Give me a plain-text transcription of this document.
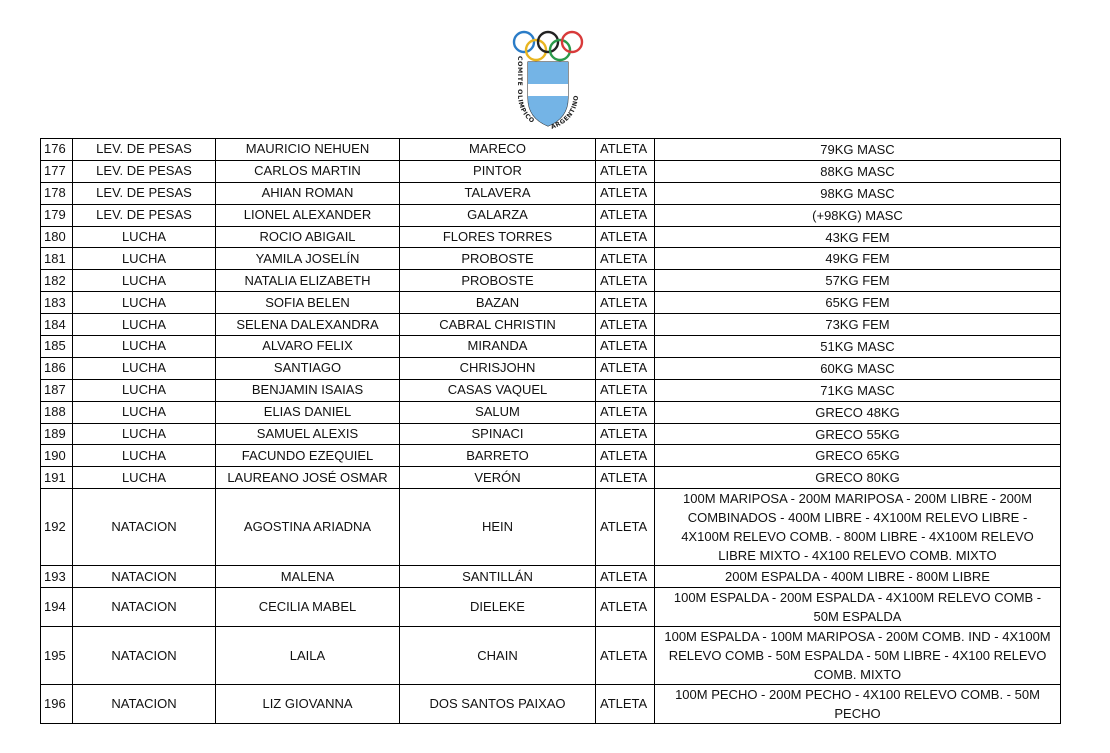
COMITE OLIMPICO
ARGENTINO
176	LEV. DE PESAS	MAURICIO NEHUEN	MARECO	ATLETA	79KG MASC
177	LEV. DE PESAS	CARLOS MARTIN	PINTOR	ATLETA	88KG MASC
178	LEV. DE PESAS	AHIAN ROMAN	TALAVERA	ATLETA	98KG MASC
179	LEV. DE PESAS	LIONEL ALEXANDER	GALARZA	ATLETA	(+98KG) MASC
180	LUCHA	ROCIO ABIGAIL	FLORES TORRES	ATLETA	43KG FEM
181	LUCHA	YAMILA JOSELÍN	PROBOSTE	ATLETA	49KG FEM
182	LUCHA	NATALIA ELIZABETH	PROBOSTE	ATLETA	57KG FEM
183	LUCHA	SOFIA BELEN	BAZAN	ATLETA	65KG FEM
184	LUCHA	SELENA DALEXANDRA	CABRAL CHRISTIN	ATLETA	73KG FEM
185	LUCHA	ALVARO FELIX	MIRANDA	ATLETA	51KG MASC
186	LUCHA	SANTIAGO	CHRISJOHN	ATLETA	60KG MASC
187	LUCHA	BENJAMIN ISAIAS	CASAS VAQUEL	ATLETA	71KG MASC
188	LUCHA	ELIAS DANIEL	SALUM	ATLETA	GRECO 48KG
189	LUCHA	SAMUEL ALEXIS	SPINACI	ATLETA	GRECO 55KG
190	LUCHA	FACUNDO EZEQUIEL	BARRETO	ATLETA	GRECO 65KG
191	LUCHA	LAUREANO JOSÉ OSMAR	VERÓN	ATLETA	GRECO 80KG
192	NATACION	AGOSTINA ARIADNA	HEIN	ATLETA	100M MARIPOSA - 200M MARIPOSA - 200M LIBRE - 200M COMBINADOS - 400M LIBRE - 4X100M RELEVO LIBRE - 4X100M RELEVO COMB. - 800M LIBRE - 4X100M RELEVO LIBRE MIXTO - 4X100 RELEVO COMB. MIXTO
193	NATACION	MALENA	SANTILLÁN	ATLETA	200M ESPALDA - 400M LIBRE - 800M LIBRE
194	NATACION	CECILIA MABEL	DIELEKE	ATLETA	100M ESPALDA - 200M ESPALDA - 4X100M RELEVO COMB - 50M ESPALDA
195	NATACION	LAILA	CHAIN	ATLETA	100M ESPALDA - 100M MARIPOSA - 200M COMB. IND - 4X100M RELEVO COMB - 50M ESPALDA - 50M LIBRE - 4X100 RELEVO COMB. MIXTO
196	NATACION	LIZ GIOVANNA	DOS SANTOS PAIXAO	ATLETA	100M PECHO - 200M PECHO - 4X100 RELEVO COMB. - 50M PECHO
